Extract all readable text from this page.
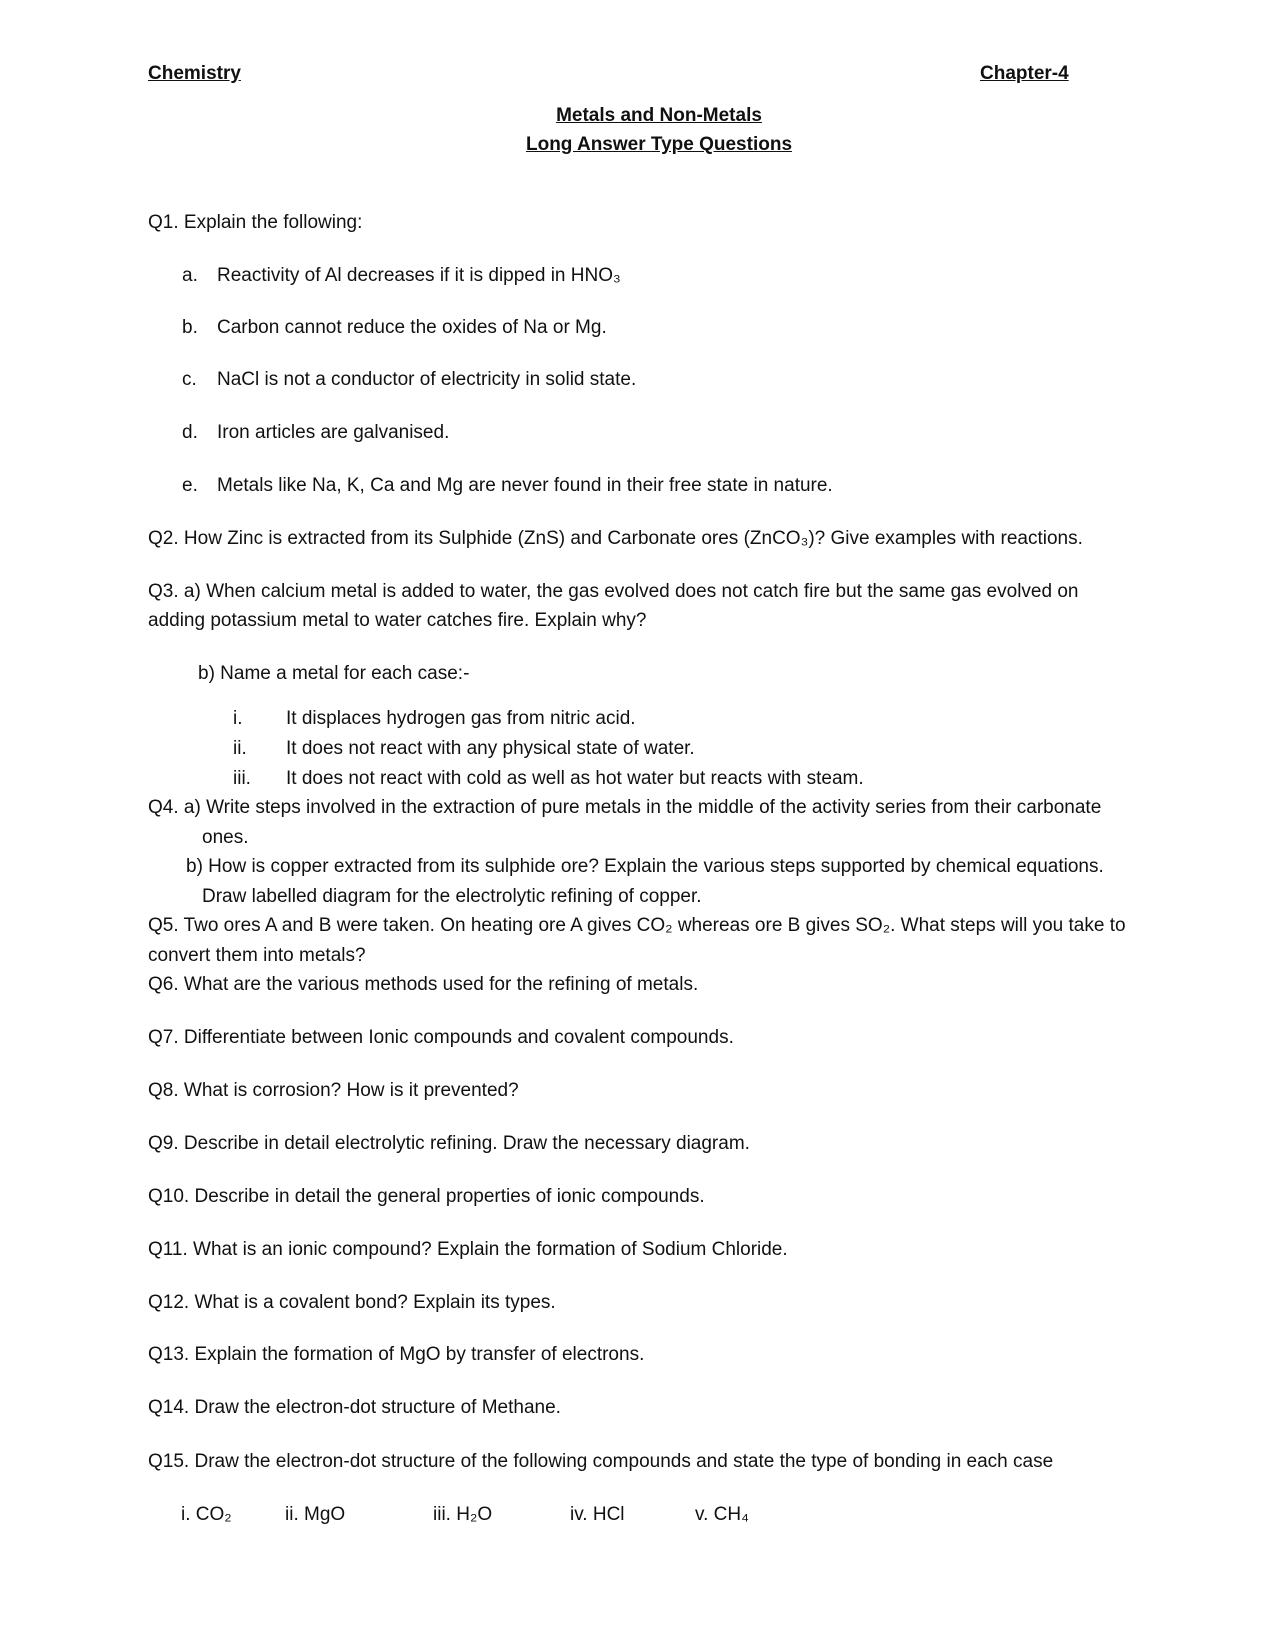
Chemistry	Chapter-4
Metals and Non-Metals
Long Answer Type Questions
Q1. Explain the following:
a. Reactivity of Al decreases if it is dipped in HNO₃
b. Carbon cannot reduce the oxides of Na or Mg.
c. NaCl is not a conductor of electricity in solid state.
d. Iron articles are galvanised.
e. Metals like Na, K, Ca and Mg are never found in their free state in nature.
Q2. How Zinc is extracted from its Sulphide (ZnS) and Carbonate ores (ZnCO₃)? Give examples with reactions.
Q3. a) When calcium metal is added to water, the gas evolved does not catch fire but the same gas evolved on
adding potassium metal to water catches fire. Explain why?
b) Name a metal for each case:-
i. It displaces hydrogen gas from nitric acid.
ii. It does not react with any physical state of water.
iii. It does not react with cold as well as hot water but reacts with steam.
Q4. a) Write steps involved in the extraction of pure metals in the middle of the activity series from their carbonate
ones.
b) How is copper extracted from its sulphide ore? Explain the various steps supported by chemical equations.
Draw labelled diagram for the electrolytic refining of copper.
Q5. Two ores A and B were taken. On heating ore A gives CO₂ whereas ore B gives SO₂. What steps will you take to
convert them into metals?
Q6. What are the various methods used for the refining of metals.
Q7. Differentiate between Ionic compounds and covalent compounds.
Q8. What is corrosion? How is it prevented?
Q9. Describe in detail electrolytic refining. Draw the necessary diagram.
Q10. Describe in detail the general properties of ionic compounds.
Q11. What is an ionic compound? Explain the formation of Sodium Chloride.
Q12. What is a covalent bond? Explain its types.
Q13. Explain the formation of MgO by transfer of electrons.
Q14. Draw the electron-dot structure of Methane.
Q15. Draw the electron-dot structure of the following compounds and state the type of bonding in each case
i. CO₂	ii. MgO	iii. H₂O	iv. HCl	v. CH₄
